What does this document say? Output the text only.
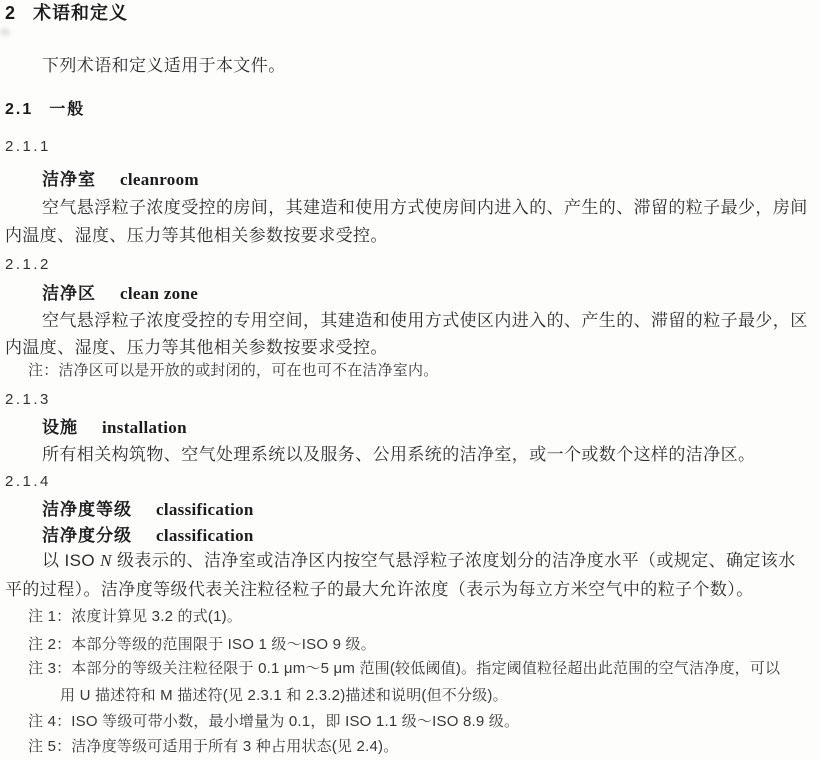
2 术语和定义
下列术语和定义适用于本文件。
2.1 一般
2.1.1
洁净室 cleanroom
空气悬浮粒子浓度受控的房间，其建造和使用方式使房间内进入的、产生的、滞留的粒子最少，房间
内温度、湿度、压力等其他相关参数按要求受控。
2.1.2
洁净区 clean zone
空气悬浮粒子浓度受控的专用空间，其建造和使用方式使区内进入的、产生的、滞留的粒子最少，区
内温度、湿度、压力等其他相关参数按要求受控。
注：洁净区可以是开放的或封闭的，可在也可不在洁净室内。
2.1.3
设施 installation
所有相关构筑物、空气处理系统以及服务、公用系统的洁净室，或一个或数个这样的洁净区。
2.1.4
洁净度等级 classification
洁净度分级 classification
以 ISO N 级表示的、洁净室或洁净区内按空气悬浮粒子浓度划分的洁净度水平（或规定、确定该水
平的过程）。洁净度等级代表关注粒径粒子的最大允许浓度（表示为每立方米空气中的粒子个数）。
注 1：浓度计算见 3.2 的式(1)。
注 2：本部分等级的范围限于 ISO 1 级～ISO 9 级。
注 3：本部分的等级关注粒径限于 0.1 μm～5 μm 范围(较低阈值)。指定阈值粒径超出此范围的空气洁净度，可以
用 U 描述符和 M 描述符(见 2.3.1 和 2.3.2)描述和说明(但不分级)。
注 4：ISO 等级可带小数，最小增量为 0.1，即 ISO 1.1 级～ISO 8.9 级。
注 5：洁净度等级可适用于所有 3 种占用状态(见 2.4)。
